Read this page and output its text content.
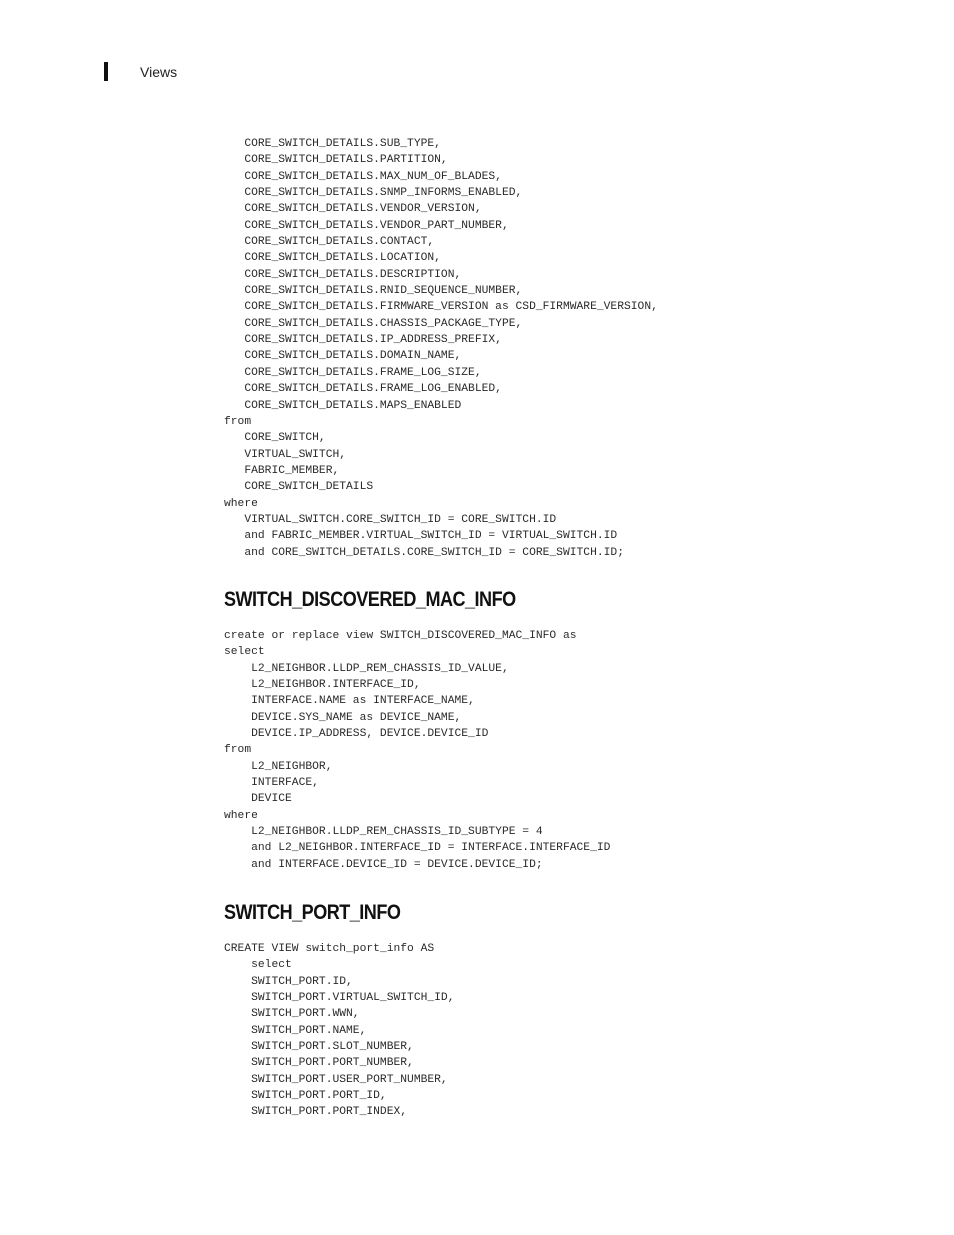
Views
CORE_SWITCH_DETAILS.SUB_TYPE,
CORE_SWITCH_DETAILS.PARTITION,
CORE_SWITCH_DETAILS.MAX_NUM_OF_BLADES,
CORE_SWITCH_DETAILS.SNMP_INFORMS_ENABLED,
CORE_SWITCH_DETAILS.VENDOR_VERSION,
CORE_SWITCH_DETAILS.VENDOR_PART_NUMBER,
CORE_SWITCH_DETAILS.CONTACT,
CORE_SWITCH_DETAILS.LOCATION,
CORE_SWITCH_DETAILS.DESCRIPTION,
CORE_SWITCH_DETAILS.RNID_SEQUENCE_NUMBER,
CORE_SWITCH_DETAILS.FIRMWARE_VERSION as CSD_FIRMWARE_VERSION,
CORE_SWITCH_DETAILS.CHASSIS_PACKAGE_TYPE,
CORE_SWITCH_DETAILS.IP_ADDRESS_PREFIX,
CORE_SWITCH_DETAILS.DOMAIN_NAME,
CORE_SWITCH_DETAILS.FRAME_LOG_SIZE,
CORE_SWITCH_DETAILS.FRAME_LOG_ENABLED,
CORE_SWITCH_DETAILS.MAPS_ENABLED
from
CORE_SWITCH,
VIRTUAL_SWITCH,
FABRIC_MEMBER,
CORE_SWITCH_DETAILS
where
VIRTUAL_SWITCH.CORE_SWITCH_ID = CORE_SWITCH.ID
and FABRIC_MEMBER.VIRTUAL_SWITCH_ID = VIRTUAL_SWITCH.ID
and CORE_SWITCH_DETAILS.CORE_SWITCH_ID = CORE_SWITCH.ID;
SWITCH_DISCOVERED_MAC_INFO
create or replace view SWITCH_DISCOVERED_MAC_INFO as
select
L2_NEIGHBOR.LLDP_REM_CHASSIS_ID_VALUE,
L2_NEIGHBOR.INTERFACE_ID,
INTERFACE.NAME as INTERFACE_NAME,
DEVICE.SYS_NAME as DEVICE_NAME,
DEVICE.IP_ADDRESS, DEVICE.DEVICE_ID
from
L2_NEIGHBOR,
INTERFACE,
DEVICE
where
L2_NEIGHBOR.LLDP_REM_CHASSIS_ID_SUBTYPE = 4
and L2_NEIGHBOR.INTERFACE_ID = INTERFACE.INTERFACE_ID
and INTERFACE.DEVICE_ID = DEVICE.DEVICE_ID;
SWITCH_PORT_INFO
CREATE VIEW switch_port_info AS
select
SWITCH_PORT.ID,
SWITCH_PORT.VIRTUAL_SWITCH_ID,
SWITCH_PORT.WWN,
SWITCH_PORT.NAME,
SWITCH_PORT.SLOT_NUMBER,
SWITCH_PORT.PORT_NUMBER,
SWITCH_PORT.USER_PORT_NUMBER,
SWITCH_PORT.PORT_ID,
SWITCH_PORT.PORT_INDEX,
